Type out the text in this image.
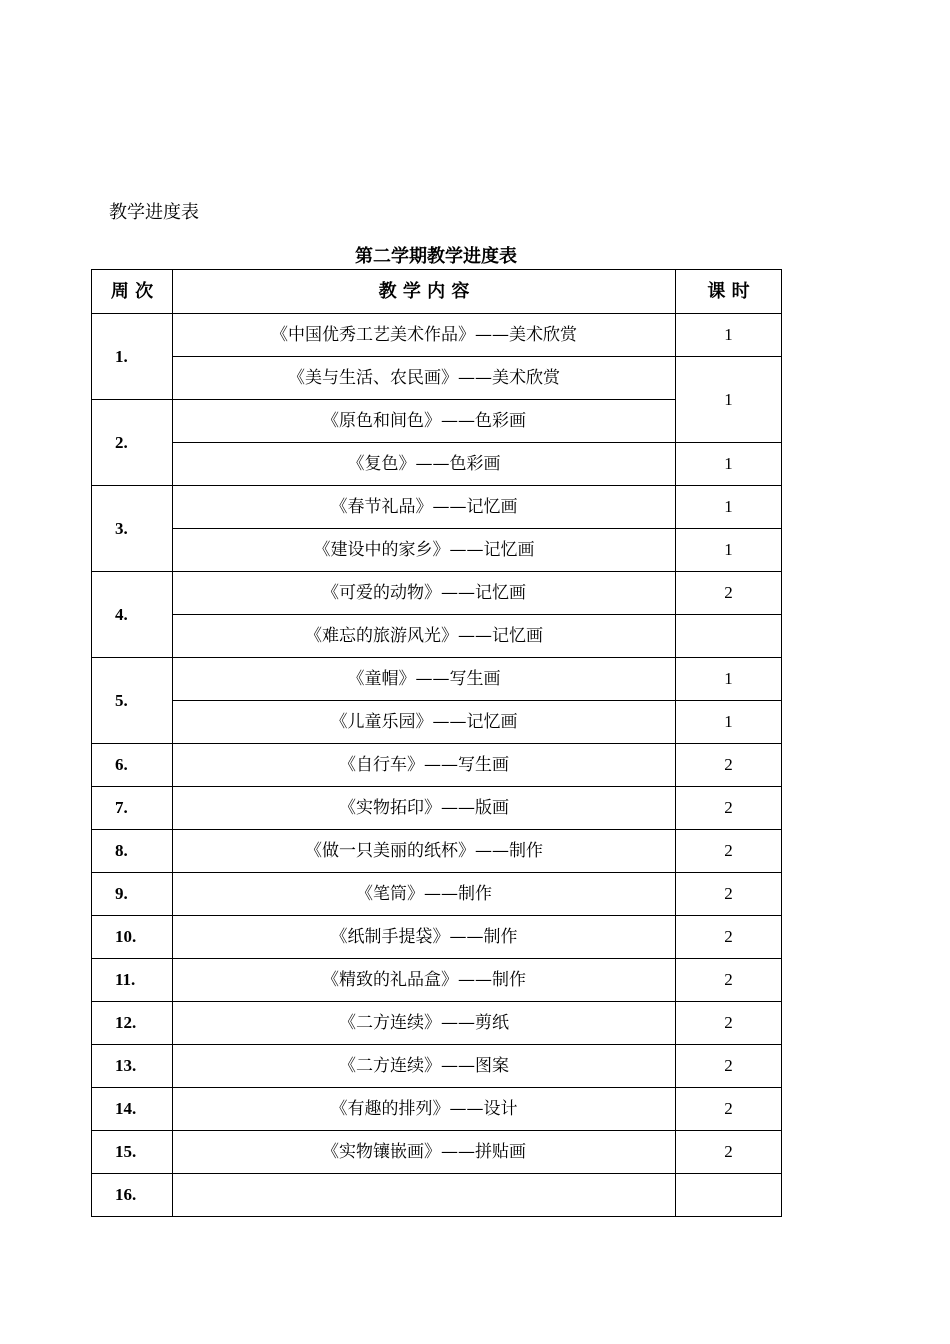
教学进度表
第二学期教学进度表
周 次	教 学 内 容	课 时
1.	《中国优秀工艺美术作品》——美术欣赏	1
	《美与生活、农民画》——美术欣赏	1
2.	《原色和间色》——色彩画	
	《复色》——色彩画	1
3.	《春节礼品》——记忆画	1
	《建设中的家乡》——记忆画	1
4.	《可爱的动物》——记忆画	2
	《难忘的旅游风光》——记忆画	
5.	《童帽》——写生画	1
	《儿童乐园》——记忆画	1
6.	《自行车》——写生画	2
7.	《实物拓印》——版画	2
8.	《做一只美丽的纸杯》——制作	2
9.	《笔筒》——制作	2
10.	《纸制手提袋》——制作	2
11.	《精致的礼品盒》——制作	2
12.	《二方连续》——剪纸	2
13.	《二方连续》——图案	2
14.	《有趣的排列》——设计	2
15.	《实物镶嵌画》——拼贴画	2
16.		
